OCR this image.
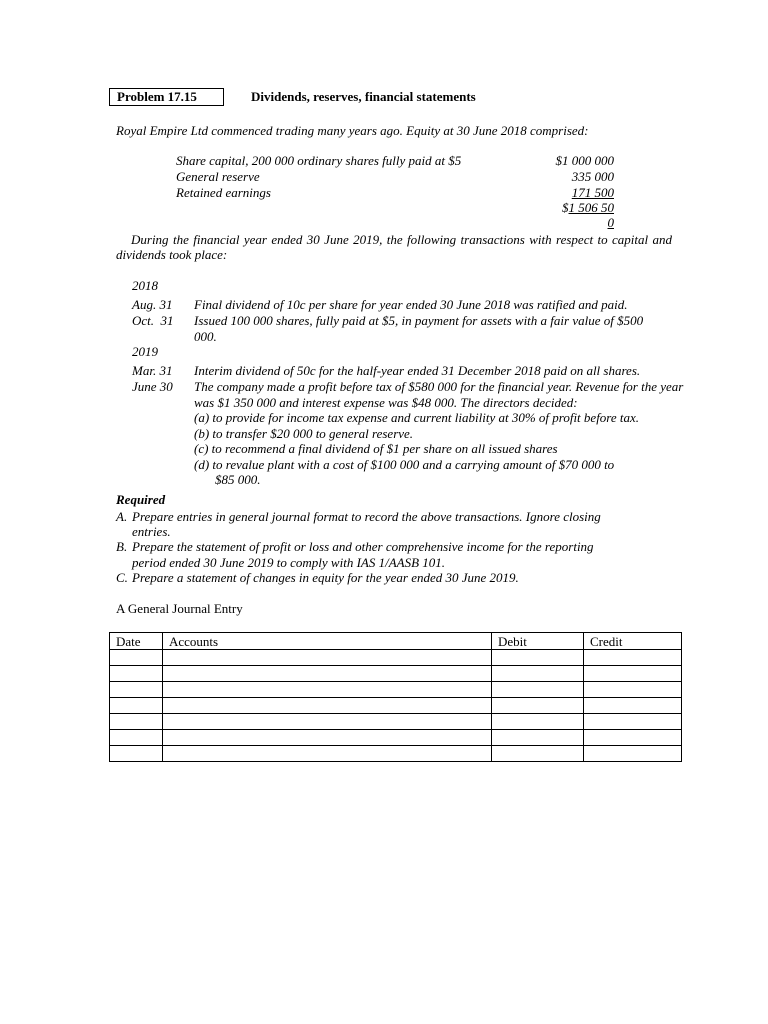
Problem 17.15	Dividends, reserves, financial statements
Royal Empire Ltd commenced trading many years ago. Equity at 30 June 2018 comprised:
Share capital, 200 000 ordinary shares fully paid at $5	$1 000 000
General reserve	335 000
Retained earnings	171 500
$1 506 50
0
During the financial year ended 30 June 2019, the following transactions with respect to capital and dividends took place:
2018
Aug. 31 Final dividend of 10c per share for year ended 30 June 2018 was ratified and paid.
Oct.  31 Issued 100 000 shares, fully paid at $5, in payment for assets with a fair value of $500 000.
2019
Mar. 31 Interim dividend of 50c for the half-year ended 31 December 2018 paid on all shares.
June 30 The company made a profit before tax of $580 000 for the financial year. Revenue for the year was $1 350 000 and interest expense was $48 000. The directors decided:
(a) to provide for income tax expense and current liability at 30% of profit before tax.
(b) to transfer $20 000 to general reserve.
(c) to recommend a final dividend of $1 per share on all issued shares
(d) to revalue plant with a cost of $100 000 and a carrying amount of $70 000 to
$85 000.
Required
A. Prepare entries in general journal format to record the above transactions. Ignore closing
entries.
B. Prepare the statement of profit or loss and other comprehensive income for the reporting
period ended 30 June 2019 to comply with IAS 1/AASB 101.
C. Prepare a statement of changes in equity for the year ended 30 June 2019.
A General Journal Entry
Date	Accounts	Debit	Credit
